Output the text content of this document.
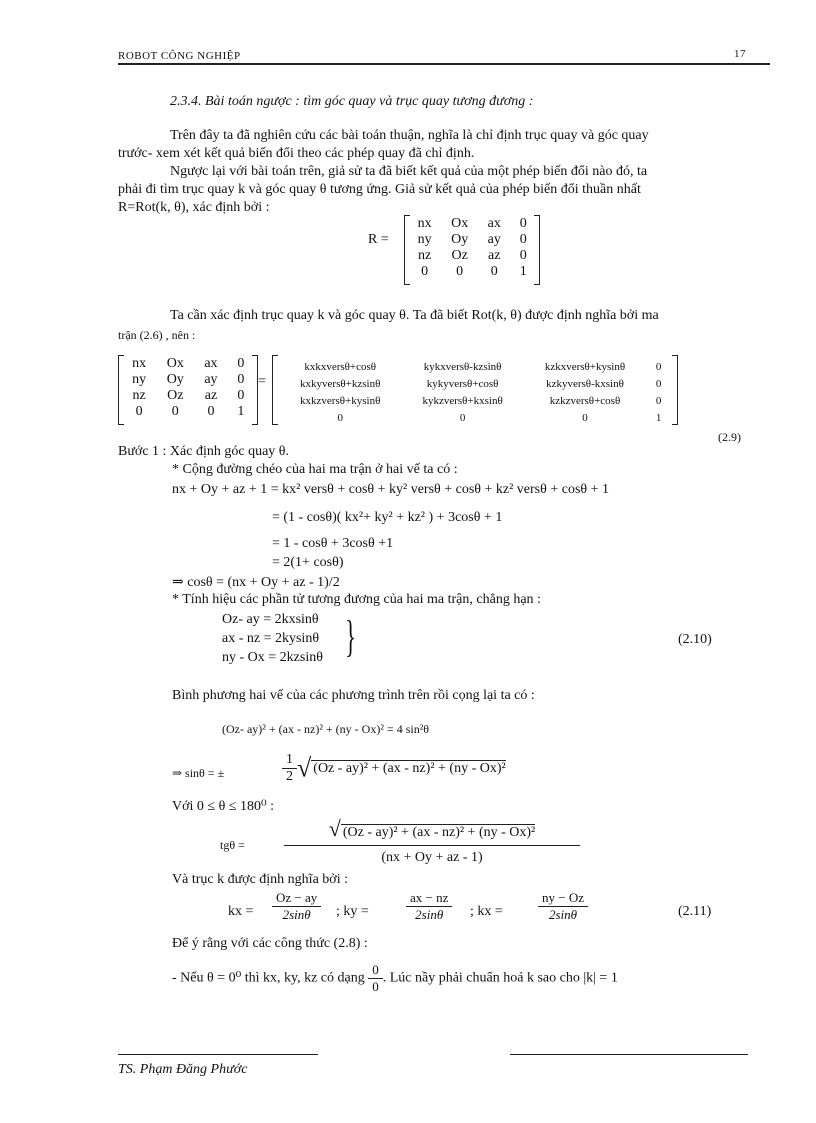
ROBOT CÔNG NGHIỆP	17
2.3.4. Bài toán ngược : tìm góc quay và trục quay tương đương :
Trên đây ta đã nghiên cứu các bài toán thuận, nghĩa là chỉ định trục quay và góc quay
trước- xem xét kết quả biến đổi theo các phép quay đã chỉ định.
Ngược lại với bài toán trên, giả sử ta đã biết kết quả của một phép biến đổi nào đó, ta
phải đi tìm trục quay k và góc quay θ tương ứng. Giả sử kết quả của phép biến đổi thuần nhất
R=Rot(k, θ), xác định bởi :
R =
nx	Ox	ax	0
ny	Oy	ay	0
nz	Oz	az	0
0	0	0	1
Ta cần xác định trục quay k và góc quay θ. Ta đã biết Rot(k, θ) được định nghĩa bởi ma
trận (2.6) , nên :
nx	Ox	ax	0
ny	Oy	ay	0
nz	Oz	az	0
0	0	0	1
=
kxkxversθ+cosθ	kykxversθ-kzsinθ	kzkxversθ+kysinθ	0
kxkyversθ+kzsinθ	kykyversθ+cosθ	kzkyversθ-kxsinθ	0
kxkzversθ+kysinθ	kykzversθ+kxsinθ	kzkzversθ+cosθ	0
0	0	0	1
(2.9)
Bước 1 : Xác định góc quay θ.
* Cộng đường chéo của hai ma trận ở hai vế ta có :
nx + Oy + az + 1 = kx² versθ + cosθ + ky² versθ + cosθ + kz² versθ + cosθ + 1
= (1 - cosθ)( kx²+ ky² + kz² ) + 3cosθ + 1
= 1 - cosθ + 3cosθ +1
= 2(1+ cosθ)
⇒ cosθ = (nx + Oy + az - 1)/2
* Tính hiệu các phần tử tương đương của hai ma trận, chẳng hạn :
Oz- ay = 2kxsinθ
ax - nz = 2kysinθ
ny - Ox = 2kzsinθ }	(2.10)
Bình phương hai vế của các phương trình trên rồi cọng lại ta có :
(Oz- ay)² + (ax - nz)² + (ny - Ox)² = 4 sin²θ
⇒ sinθ = ±	$\frac{1}{2}$ √ (Oz - ay)² + (ax - nz)² + (ny - Ox)²
Với 0 ≤ θ ≤ 180⁰ :
tgθ =
√ (Oz - ay)² + (ax - nz)² + (ny - Ox)²
(nx + Oy + az - 1)
Và trục k được định nghĩa bởi :
kx = $\frac{Oz - ay}{2\sin\theta}$ ; ky =	$\frac{ax - nz}{2\sin\theta}$ ; kx =	$\frac{ny - Oz}{2\sin\theta}$	(2.11)
Để ý rằng với các công thức (2.8) :
- Nếu θ = 0⁰ thì kx, ky, kz có dạng $\frac{0}{0}$ . Lúc nầy phải chuẩn hoá k sao cho |k| = 1
TS. Phạm Đăng Phước
